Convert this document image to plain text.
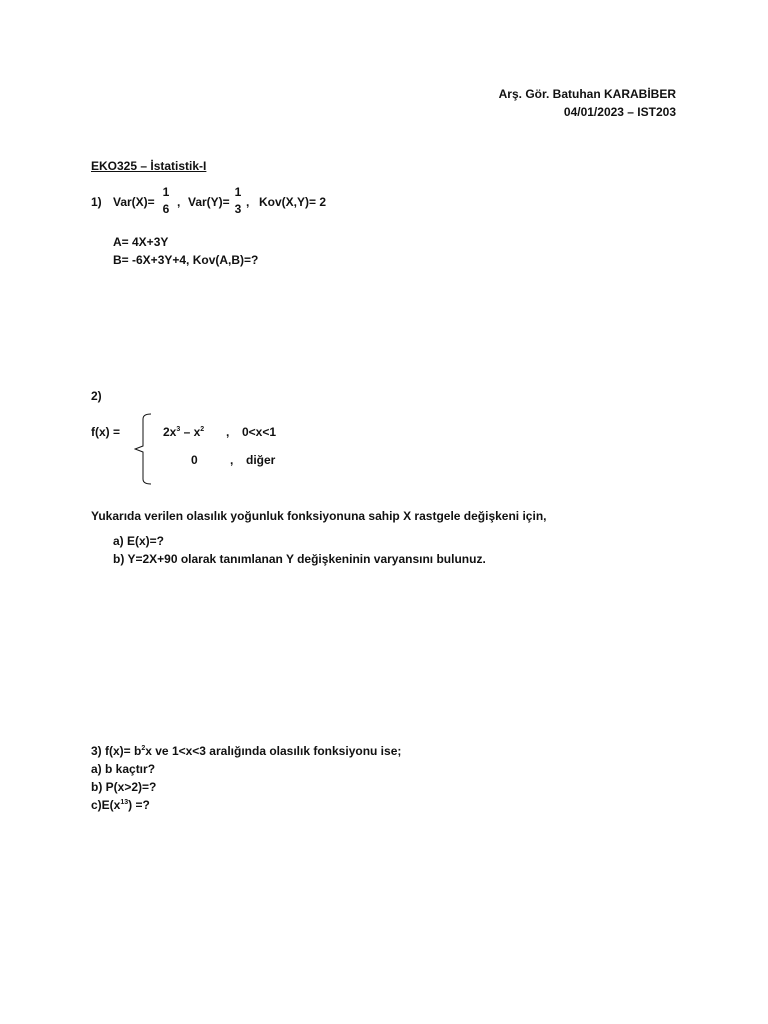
Arş. Gör. Batuhan KARABİBER
04/01/2023 – IST203
EKO325 – İstatistik-I
1) Var(X)=
1
6 , Var(Y)=
1
3 , Kov(X,Y)= 2
A= 4X+3Y
B= -6X+3Y+4, Kov(A,B)=?
2)
f(x) =	$2x^3 - x^2$ , 0<x<1
0	, diğer
Yukarıda verilen olasılık yoğunluk fonksiyonuna sahip X rastgele değişkeni için,
a) E(x)=?
b) Y=2X+90 olarak tanımlanan Y değişkeninin varyansını bulunuz.
3) $f(x)= b^2x$ ve 1<x<3 aralığında olasılık fonksiyonu ise;
a) b kaçtır?
b) P(x>2)=?
$c)E(x^{13})$ =?
